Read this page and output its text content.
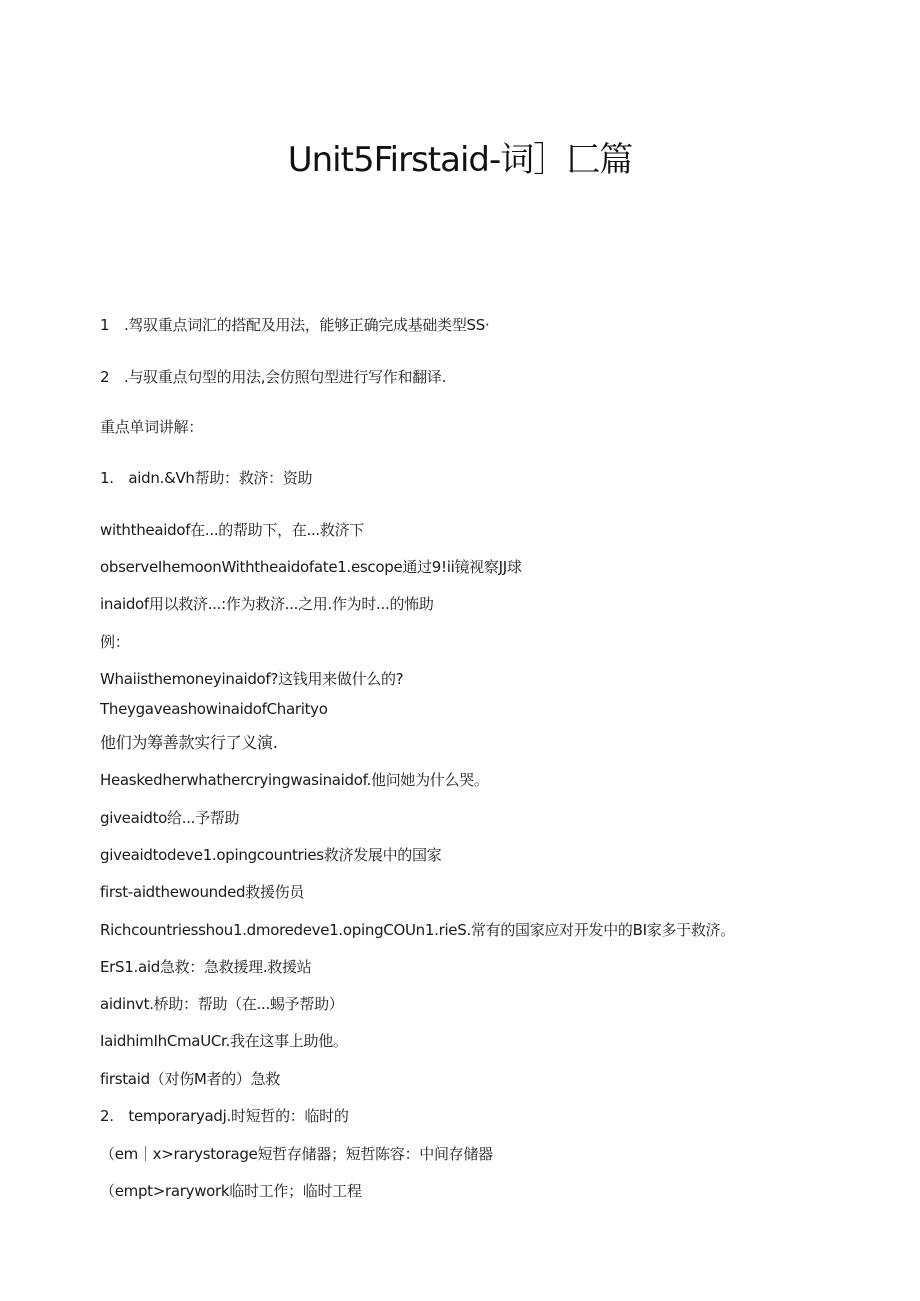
Unit5Firstaid-词］匚篇
1　.驾驭重点词汇的搭配及用法，能够正确完成基础类型SS·
2　.与驭重点句型的用法,会仿照句型进行写作和翻译.
重点单词讲解：
1.　aidn.&Vh帮助：救济：资助
withtheaidof在...的帮助下，在...救济下
observeIhemoonWiththeaidofate1.escope通过9!ii镜视察JJ球
inaidof用以救济...:作为救济...之用.作为时...的怖助
例：
Whaiisthemoneyinaidof?这钱用来做什么的?
TheygaveashowinaidofCharityo
他们为筹善款实行了义演.
Heaskedherwhathercryingwasinaidof.他问她为什么哭。
giveaidto给...予帮助
giveaidtodeve1.opingcountries救济发展中的国家
first-aidthewounded救援伤员
Richcountriesshou1.dmoredeve1.opingCOUn1.rieS.常有的国家应对开发中的BI家多于救济。
ErS1.aid急救：急救援理.救援站
aidinvt.桥助：帮助（在...蜴予帮助）
IaidhimIhCmaUCr.我在这事上助他。
firstaid（对伤M者的）急救
2.　temporaryadj.时短哲的：临时的
（em｜x>rarystorage短哲存储器；短哲陈容：中间存储器
（empt>rarywork临时工作；临时工程
